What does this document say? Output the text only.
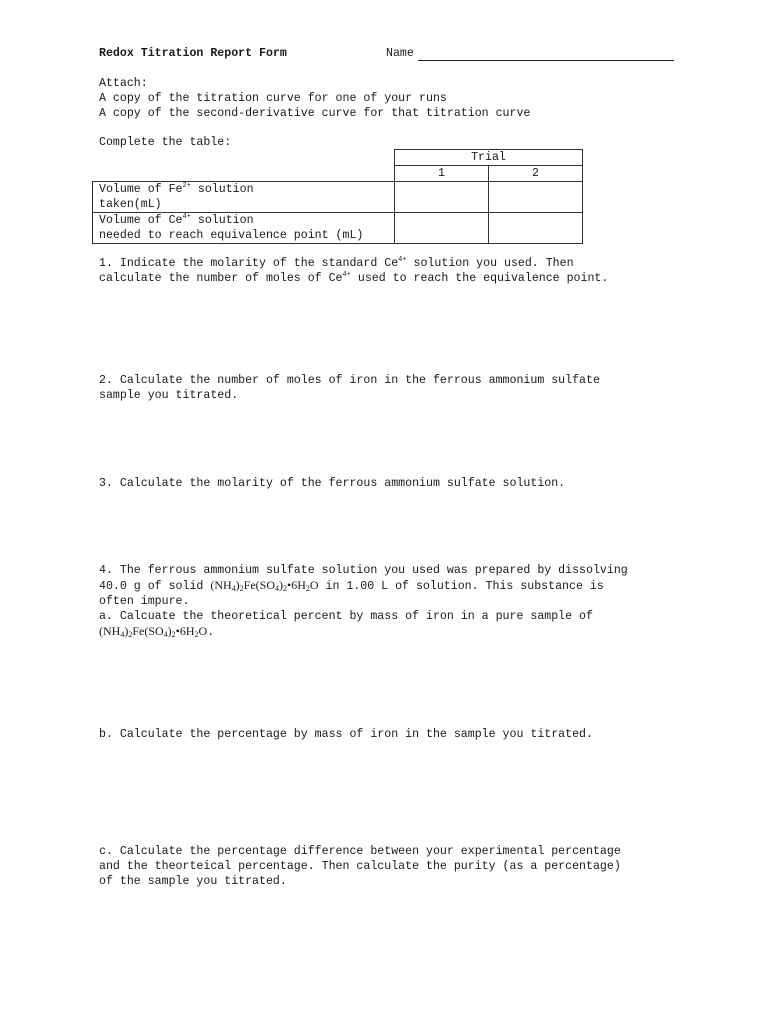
Redox Titration Report Form	Name
Attach:
A copy of the titration curve for one of your runs
A copy of the second-derivative curve for that titration curve
Complete the table:
	Trial	
	1	2
Volume of $Fe^{2+}$ solution
taken(mL)		
Volume of $Ce^{4+}$ solution
needed to reach equivalence point (mL)		
1. Indicate the molarity of the standard $Ce^{4+}$ solution you used. Then
calculate the number of moles of $Ce^{4+}$ used to reach the equivalence point.
2. Calculate the number of moles of iron in the ferrous ammonium sulfate
sample you titrated.
3. Calculate the molarity of the ferrous ammonium sulfate solution.
4. The ferrous ammonium sulfate solution you used was prepared by dissolving
40.0 g of solid $(NH_4)_2Fe(SO_4)_2•6H_2O$ in 1.00 L of solution. This substance is
often impure.
a. Calcuate the theoretical percent by mass of iron in a pure sample of
$(NH_4)_2Fe(SO_4)_2•6H_2O$.
b. Calculate the percentage by mass of iron in the sample you titrated.
c. Calculate the percentage difference between your experimental percentage
and the theorteical percentage. Then calculate the purity (as a percentage)
of the sample you titrated.
